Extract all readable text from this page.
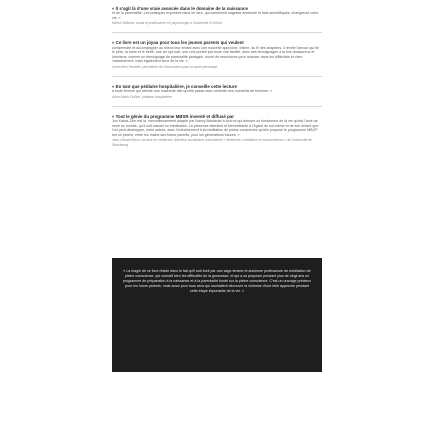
« Il s’agit là d’une vraie avancée dans le domaine de la naissance

et de la parentalité. Les pratiques exposées dans ce livre, qui combinent sagesse ancienne et faits scientifiques, changeront votre vie. »

Mirtha Williams, doula et professeure en psychologie à l’université d’Oxford.

« Ce livre est un joyau pour tous les jeunes parents qui veulent

comprendre et accompagner au mieux leur enfant avec une nouvelle approche. Intime, au fil des chapitres, il révèle l’amour qui lie le père, la mère et le bébé, une vie qui naît, une voix portée par toute une famille, avec des témoignages à la fois douloureux et lumineux, comme un témoignage de parentalité partagée, nourri de ressources pour avancer dans les difficultés et vivre l’attachement, mais également ceux de la vie. »

Geneviève Hamelin, présidente de l’Association pour la santé périnatale.

« En tant que pédiatre hospitalière, je conseille cette lecture

à toute femme qui débute une maternité afin qu’elle passe avec sérénité ces moments de bonheur. »

Anne-Marie Guillon, pédiatre hospitalière.

« Tout le génie du programme MBSR inventé et diffusé par

Jon Kabat-Zinn est là, merveilleusement adapté par Nancy Bardacke à tout ce qui entoure ce fondement de la vie qu’est l’acte de venir au monde, qu’il soit naturel ou médicalisé. La présence attentive et bienveillante à l’égard de soi-même et de son enfant que l’on peut développer, entre autres, avec l’entraînement à la méditation de pleine conscience qu’elle propose le programme MBCP est un parent, entre les mains des futurs parents, pour les générations futures. »

Jean-Gérard Bloch, docteur en médecine, directeur du diplôme universitaire « Médecine, méditation et neurosciences » de l’université de Strasbourg.

« La magie de ce livre réside dans le fait qu’il soit écrit par une sage-femme et ancienne professeure de méditation de pleine conscience, qui connaît bien les difficultés de la grossesse, et qui a su proposer pendant plus de vingt ans un programme de préparation à la naissance et à la parentalité fondé sur la pleine conscience. C’est un ouvrage précieux pour les futurs parents, mais aussi pour tous ceux qui souhaitent découvrir la richesse d’une telle approche pendant cette étape importante de la vie. »
